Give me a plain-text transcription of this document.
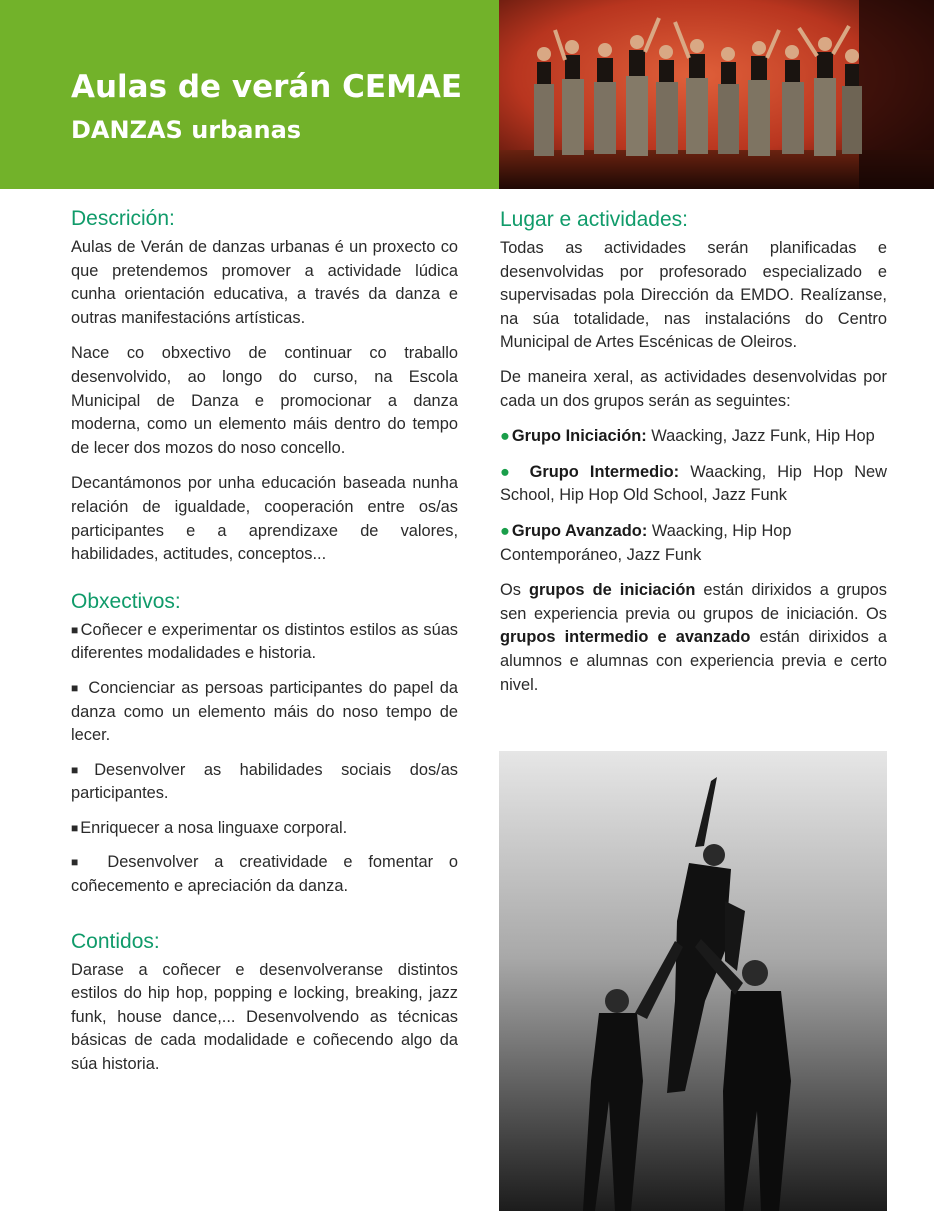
Aulas de verán CEMAE
DANZAS urbanas
Descrición:

Aulas de Verán de danzas urbanas é un proxecto co que pretendemos promover a actividade lúdica cunha orientación educativa, a través da danza e outras manifestacións artísticas.

Nace co obxectivo de continuar co traballo desenvolvido, ao longo do curso, na Escola Municipal de Danza e promocionar a danza moderna, como un elemento máis dentro do tempo de lecer dos mozos do noso concello.

Decantámonos por unha educación baseada nunha relación de igualdade, cooperación entre os/as participantes e a aprendizaxe de valores, habilidades, actitudes, conceptos...

Obxectivos:

■ Coñecer e experimentar os distintos estilos as súas diferentes modalidades e historia.

■ Concienciar as persoas participantes do papel da danza como un elemento máis do noso tempo de lecer.

■ Desenvolver as habilidades sociais dos/as participantes.

■ Enriquecer a nosa linguaxe corporal.

■ Desenvolver a creatividade e fomentar o coñecemento e apreciación da danza.

Contidos:

Darase a coñecer e desenvolveranse distintos estilos do hip hop, popping e locking, breaking, jazz funk, house dance,... Desenvolvendo as técnicas básicas de cada modalidade e coñecendo algo da súa historia.

Lugar e actividades:

Todas as actividades serán planificadas e desenvolvidas por profesorado especializado e supervisadas pola Dirección da EMDO. Realízanse, na súa totalidade, nas instalacións do Centro Municipal de Artes Escénicas de Oleiros.

De maneira xeral, as actividades desenvolvidas por cada un dos grupos serán as seguintes:

● Grupo Iniciación: Waacking, Jazz Funk, Hip Hop

● Grupo Intermedio: Waacking, Hip Hop New School, Hip Hop Old School, Jazz Funk

● Grupo Avanzado: Waacking, Hip Hop Contemporáneo, Jazz Funk

Os grupos de iniciación están dirixidos a grupos sen experiencia previa ou grupos de iniciación. Os grupos intermedio e avanzado están dirixidos a alumnos e alumnas con experiencia previa e certo nivel.
